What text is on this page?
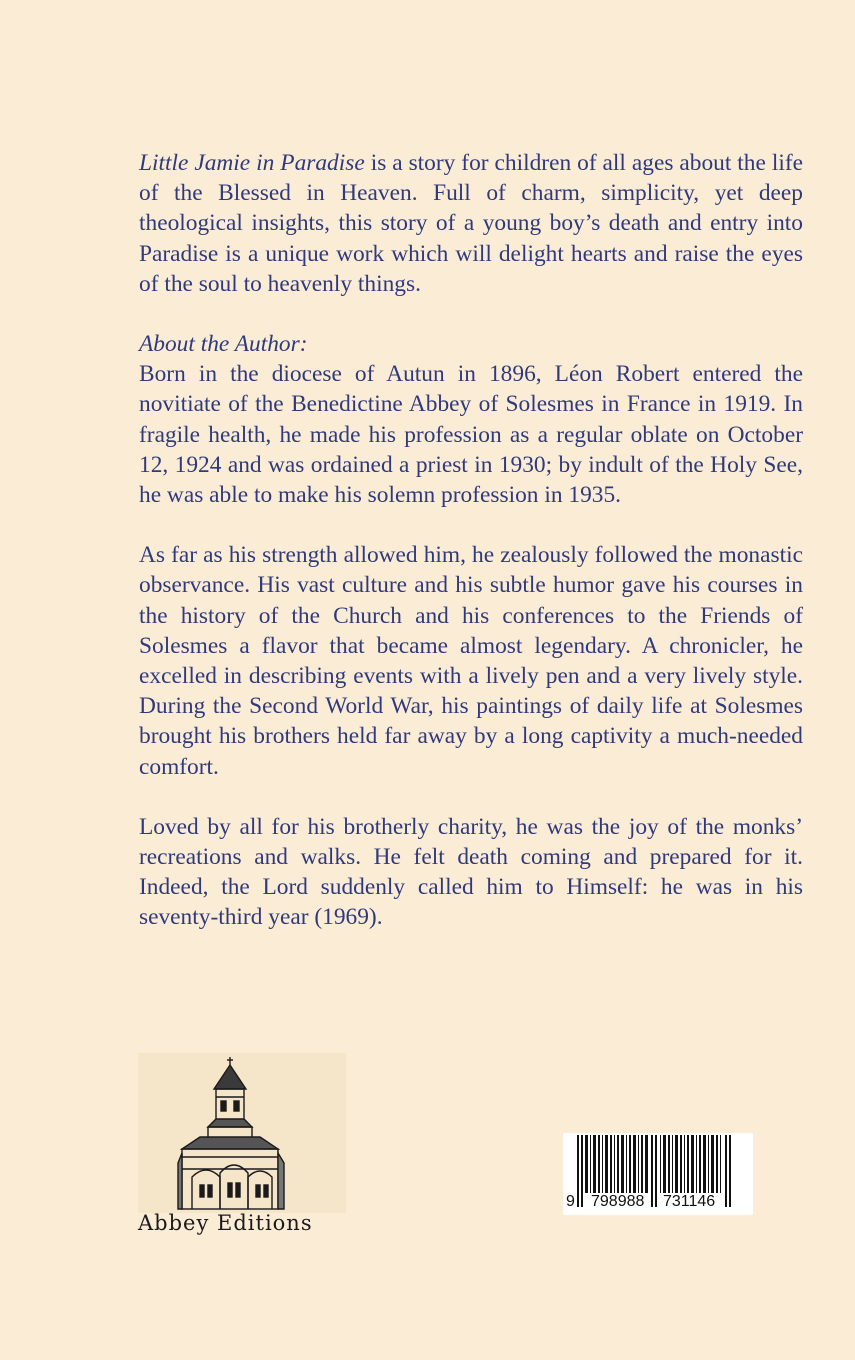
Little Jamie in Paradise is a story for children of all ages about the life of the Blessed in Heaven. Full of charm, simplicity, yet deep theological insights, this story of a young boy’s death and entry into Paradise is a unique work which will delight hearts and raise the eyes of the soul to heavenly things.

About the Author:

Born in the diocese of Autun in 1896, Léon Robert entered the novitiate of the Benedictine Abbey of Solesmes in France in 1919. In fragile health, he made his profession as a regular oblate on October 12, 1924 and was ordained a priest in 1930; by indult of the Holy See, he was able to make his solemn profession in 1935.

As far as his strength allowed him, he zealously followed the monastic observance. His vast culture and his subtle humor gave his courses in the history of the Church and his conferences to the Friends of Solesmes a flavor that became almost legendary. A chronicler, he excelled in describing events with a lively pen and a very lively style. During the Second World War, his paintings of daily life at Solesmes brought his brothers held far away by a long captivity a much-needed comfort.

Loved by all for his brotherly charity, he was the joy of the monks’ recreations and walks. He felt death coming and prepared for it. Indeed, the Lord suddenly called him to Himself: he was in his seventy-third year (1969).

Abbey Editions
9 798988 731146
